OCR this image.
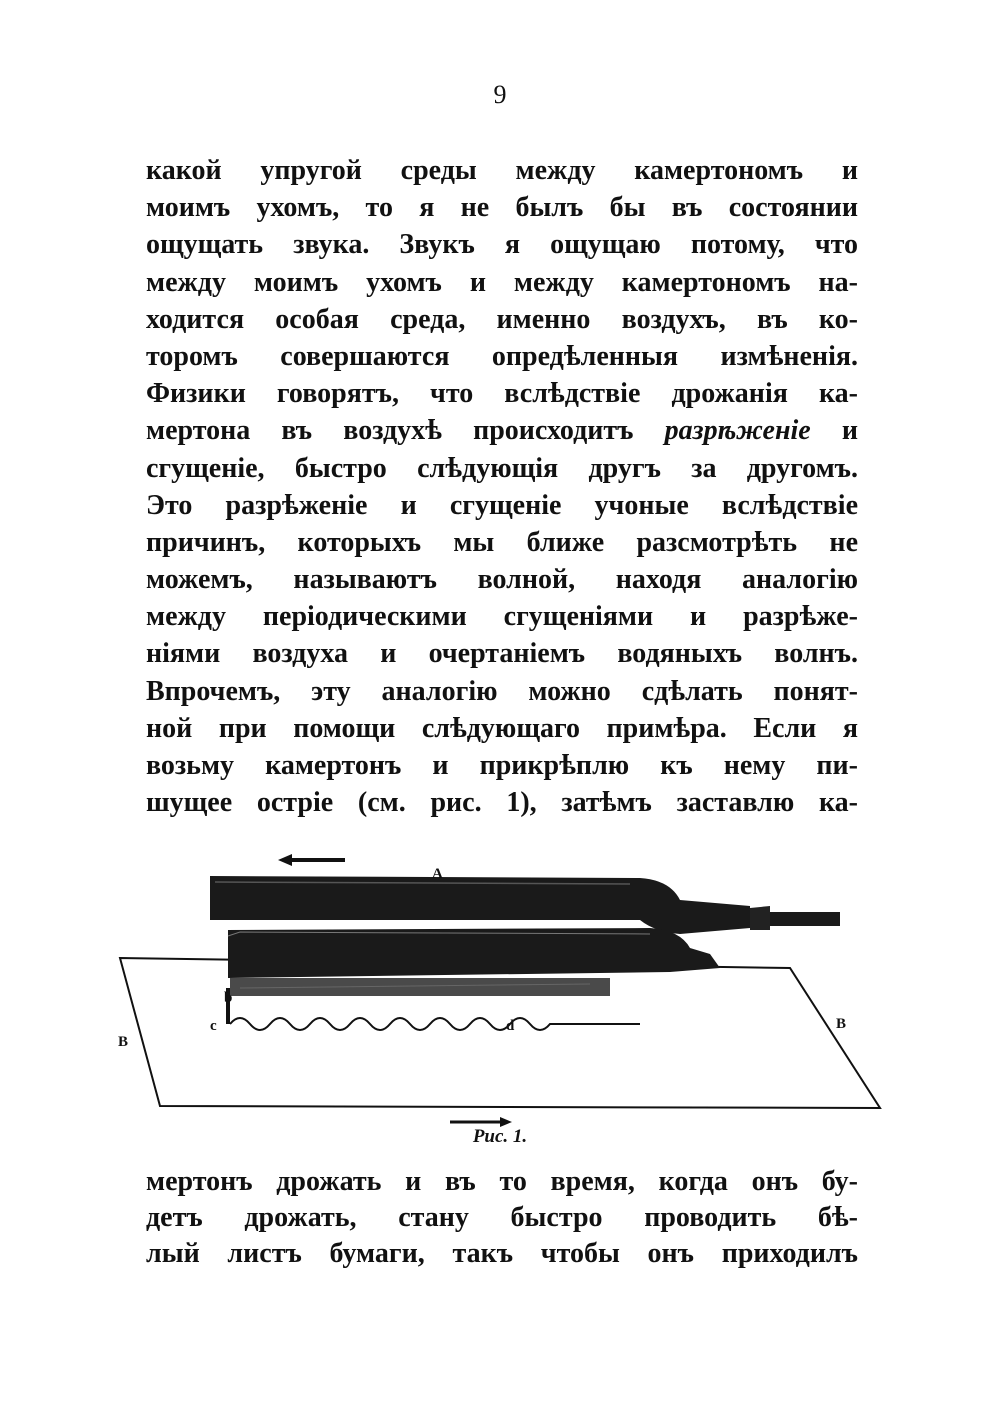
9
какой упругой среды между камертономъ и
моимъ ухомъ, то я не былъ бы въ состоянии
ощущать звука. Звукъ я ощущаю потому, что
между моимъ ухомъ и между камертономъ на-
ходится особая среда, именно воздухъ, въ ко-
торомъ совершаются опредѣленныя измѣненія.
Физики говорятъ, что вслѣдствіе дрожанія ка-
мертона въ воздухѣ происходитъ разрѣженіе и
сгущеніе, быстро слѣдующія другъ за другомъ.
Это разрѣженіе и сгущеніе учоные вслѣдствіе
причинъ, которыхъ мы ближе разсмотрѣть не
можемъ, называютъ волной, находя аналогію
между періодическими сгущеніями и разрѣже-
ніями воздуха и очертаніемъ водяныхъ волнъ.
Впрочемъ, эту аналогію можно сдѣлать понят-
ной при помощи слѣдующаго примѣра. Если я
возьму камертонъ и прикрѣплю къ нему пи-
шущее остріе (см. рис. 1), затѣмъ заставлю ка-
A
B
B
b
c	d
Рис. 1.
мертонъ дрожать и въ то время, когда онъ бу-
детъ дрожать, стану быстро проводить бѣ-
лый листъ бумаги, такъ чтобы онъ приходилъ
